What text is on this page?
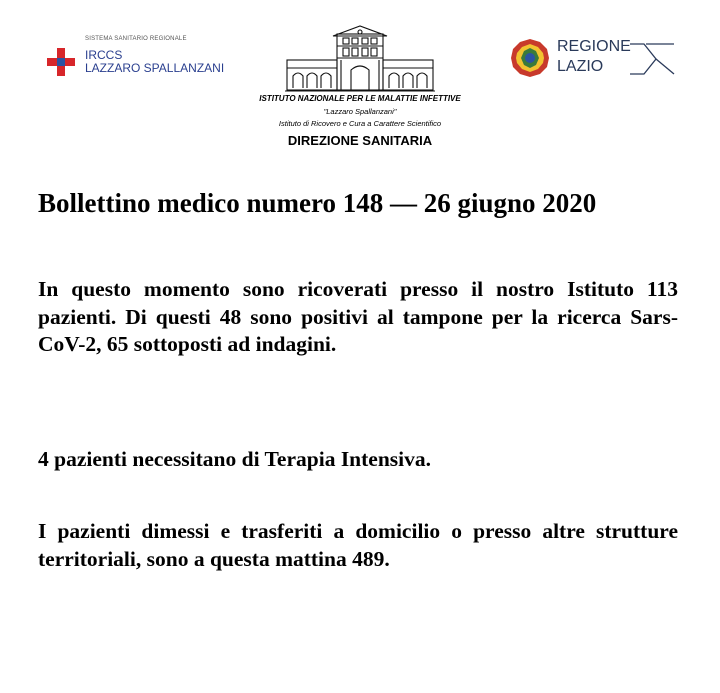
SISTEMA SANITARIO REGIONALE
IRCCS
LAZZARO SPALLANZANI
ISTITUTO NAZIONALE PER LE MALATTIE INFETTIVE
"Lazzaro Spallanzani"
Istituto di Ricovero e Cura a Carattere Scientifico
DIREZIONE SANITARIA
REGIONE
LAZIO
Bollettino medico numero 148 — 26 giugno 2020

In questo momento sono ricoverati presso il nostro Istituto 113 pazienti. Di questi 48 sono positivi al tampone per la ricerca Sars-CoV-2, 65 sottoposti ad indagini.

4 pazienti necessitano di Terapia Intensiva.

I pazienti dimessi e trasferiti a domicilio o presso altre strutture territoriali, sono a questa mattina 489.
